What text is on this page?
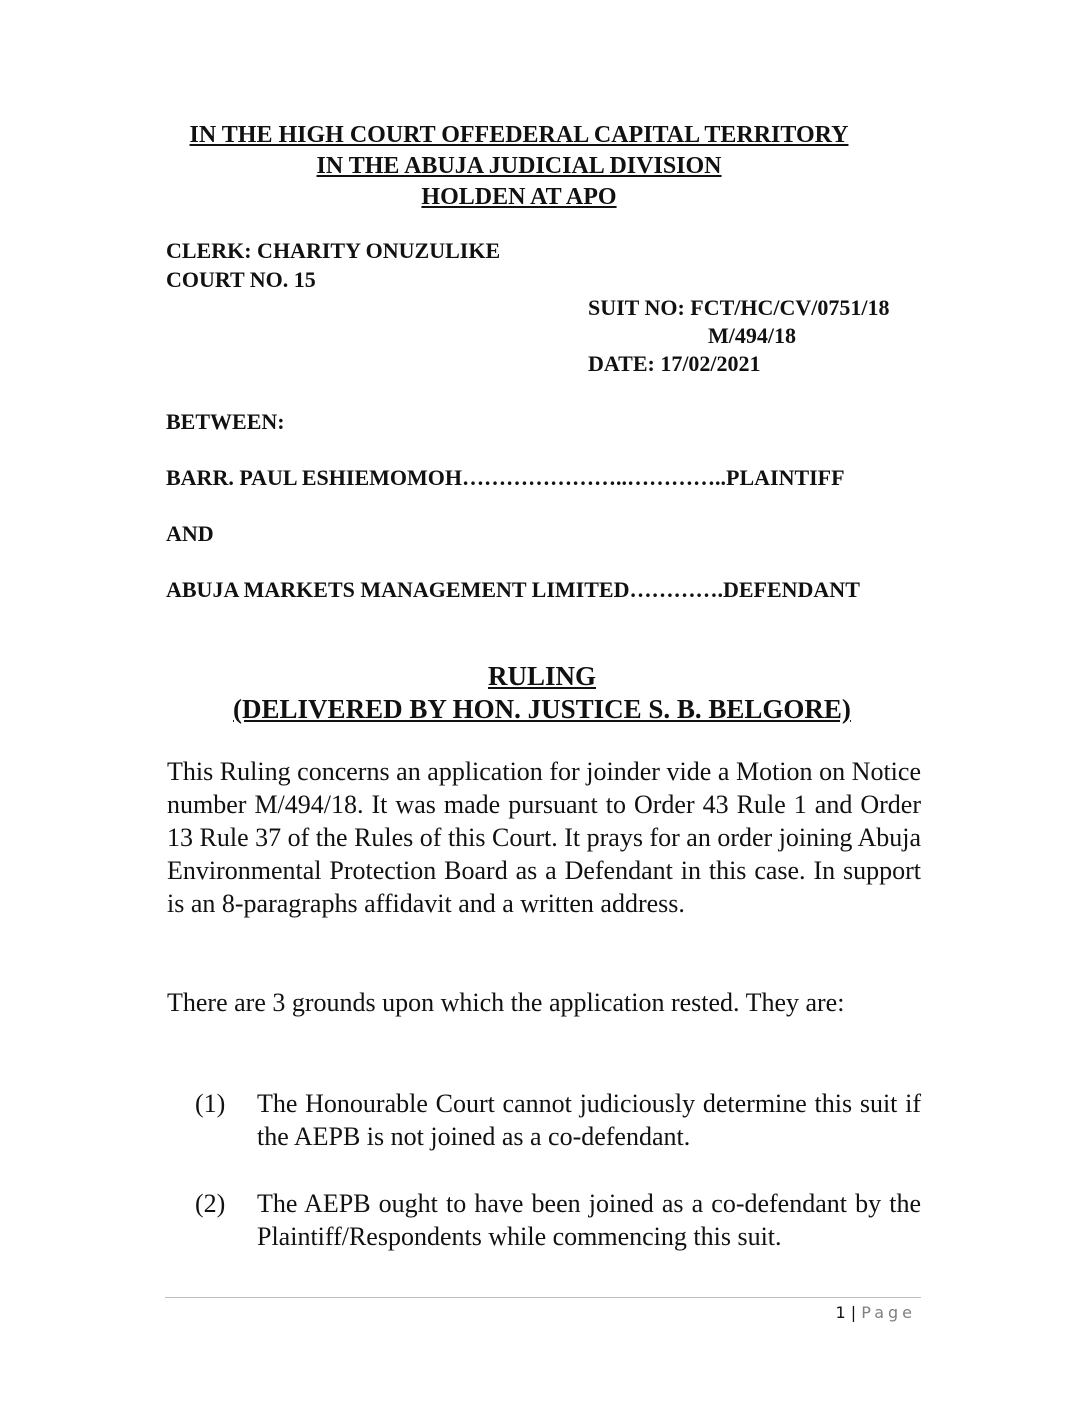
IN THE HIGH COURT OFFEDERAL CAPITAL TERRITORY
IN THE ABUJA JUDICIAL DIVISION
HOLDEN AT APO
CLERK: CHARITY ONUZULIKE
COURT NO. 15
SUIT NO: FCT/HC/CV/0751/18
M/494/18
DATE: 17/02/2021
BETWEEN:
BARR. PAUL ESHIEMOMOH…………………..…………..PLAINTIFF
AND
ABUJA MARKETS MANAGEMENT LIMITED………….DEFENDANT
RULING
(DELIVERED BY HON. JUSTICE S. B. BELGORE)
This Ruling concerns an application for joinder vide a Motion on Notice number M/494/18. It was made pursuant to Order 43 Rule 1 and Order 13 Rule 37 of the Rules of this Court. It prays for an order joining Abuja Environmental Protection Board as a Defendant in this case. In support is an 8-paragraphs affidavit and a written address.
There are 3 grounds upon which the application rested. They are:
(1) The Honourable Court cannot judiciously determine this suit if the AEPB is not joined as a co-defendant.
(2) The AEPB ought to have been joined as a co-defendant by the Plaintiff/Respondents while commencing this suit.
1 | Page
